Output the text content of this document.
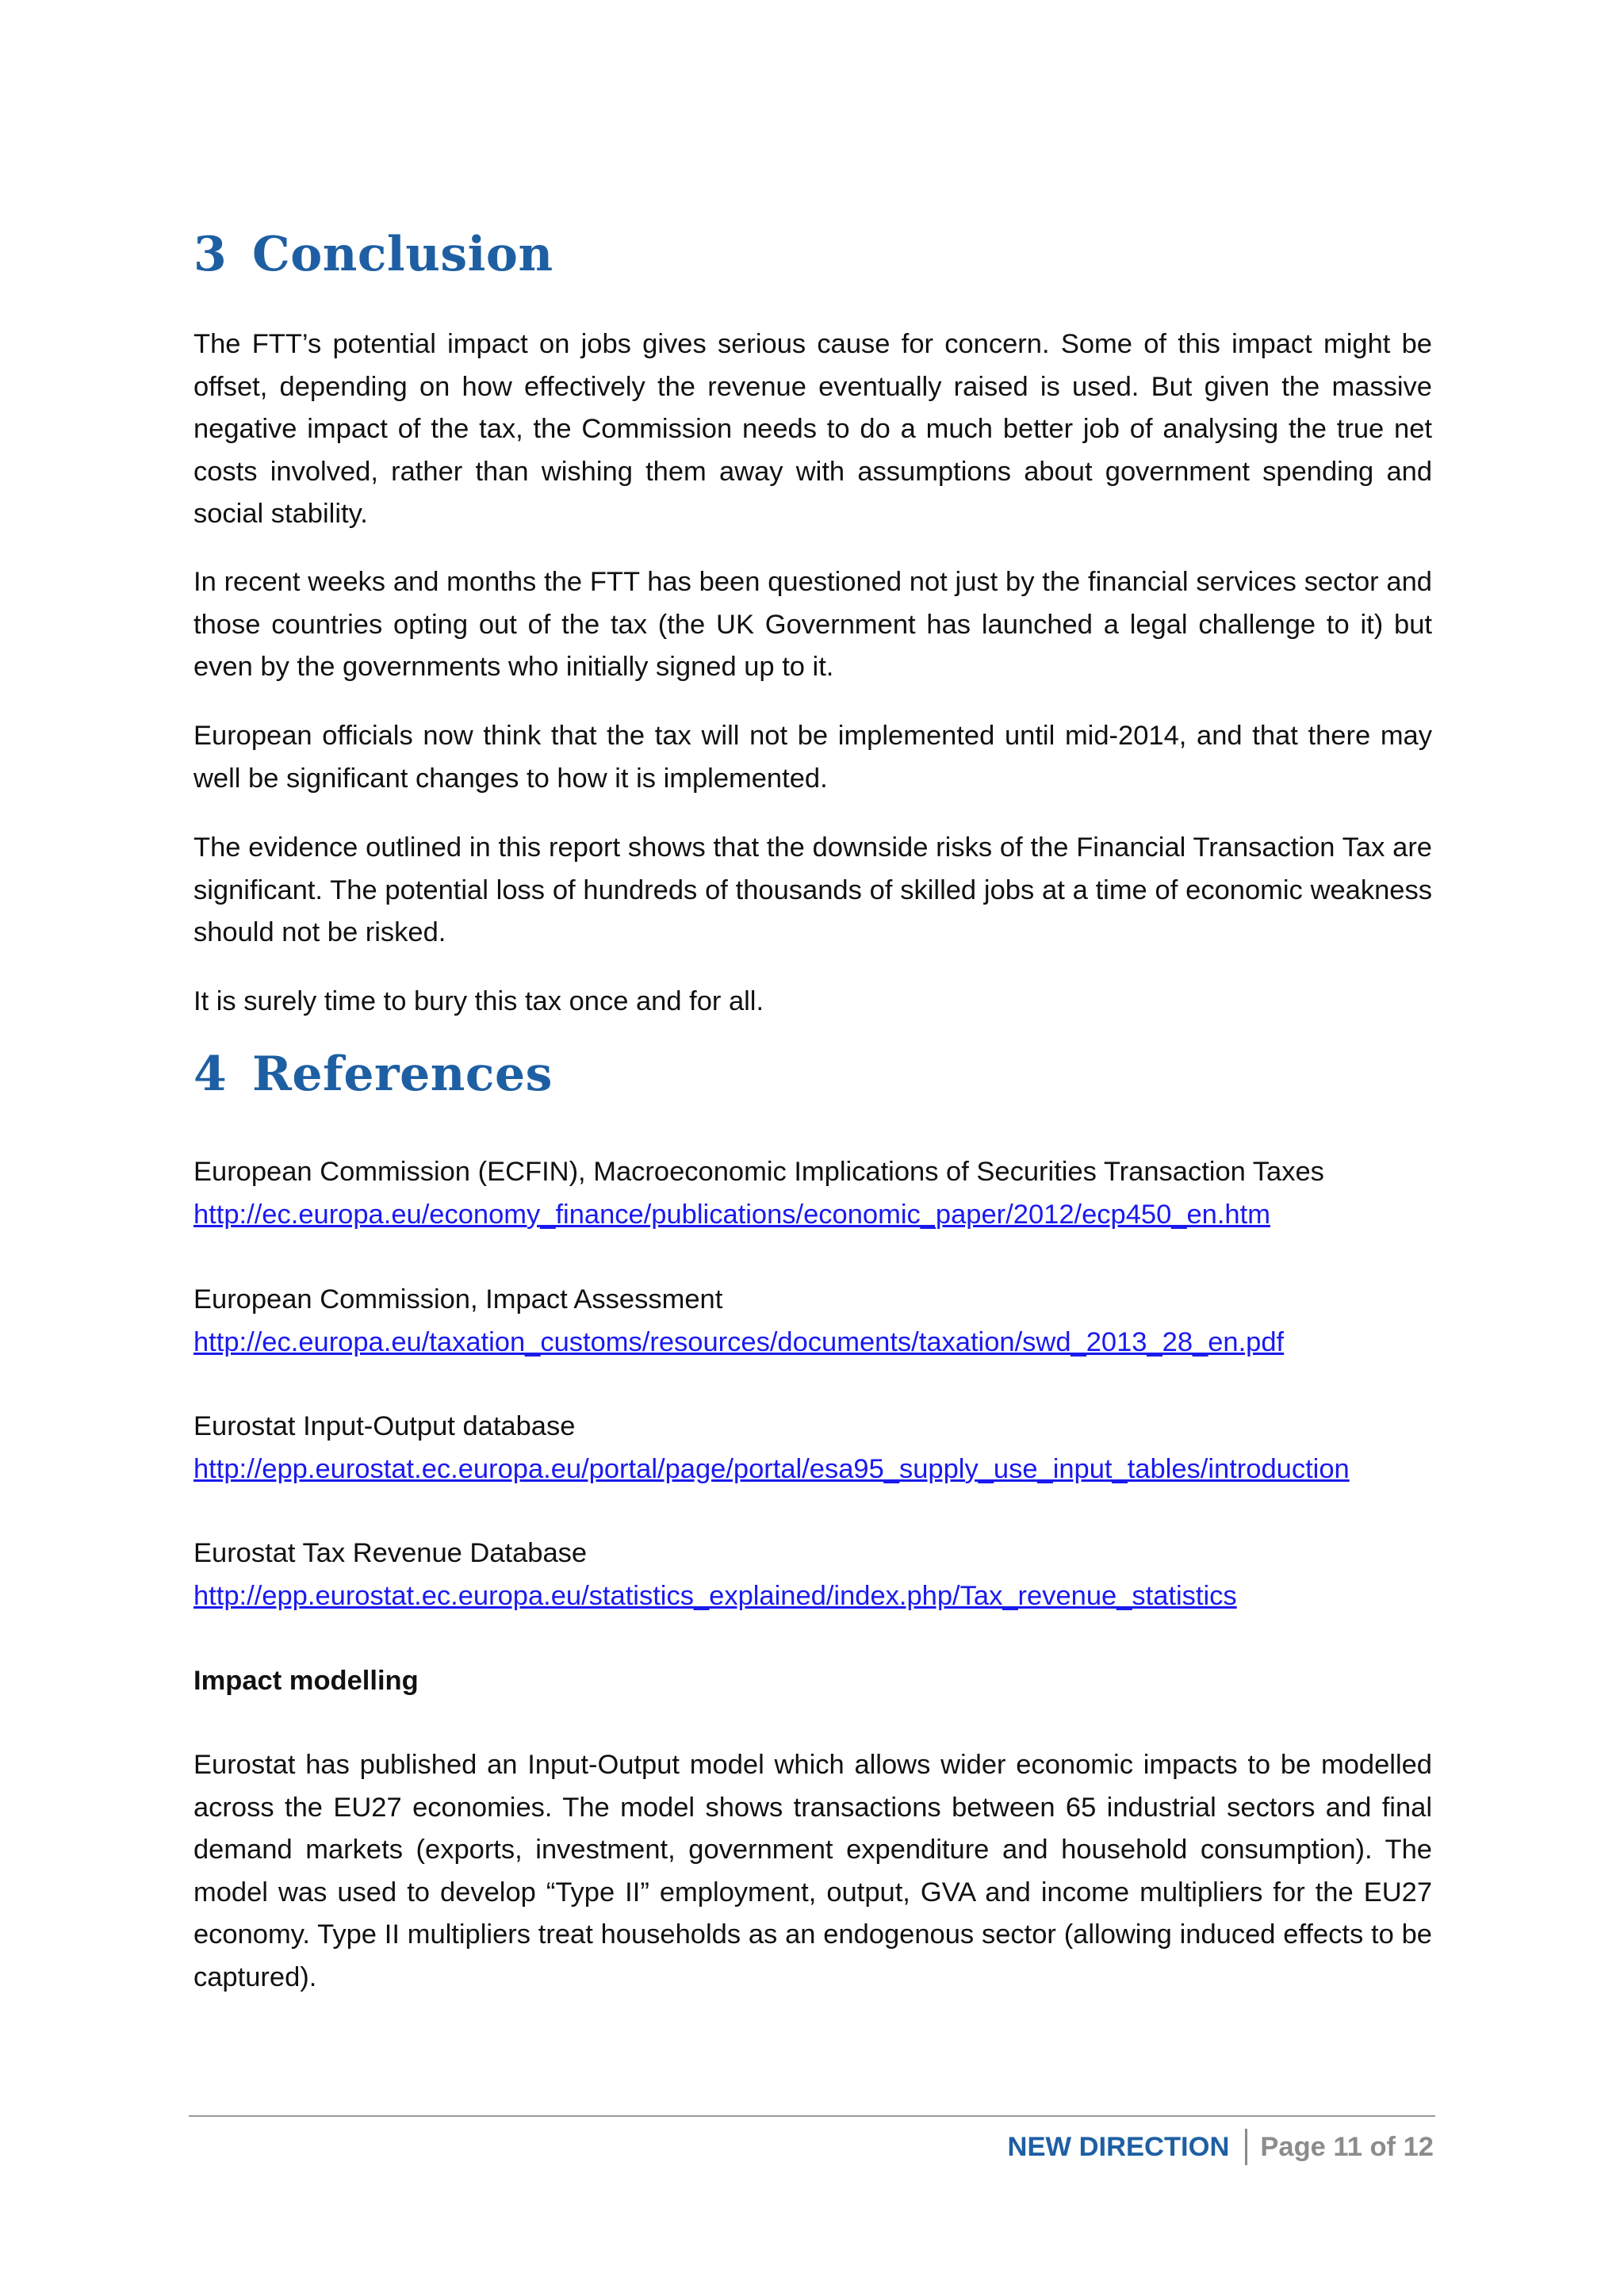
3 Conclusion

The FTT’s potential impact on jobs gives serious cause for concern. Some of this impact might be offset, depending on how effectively the revenue eventually raised is used. But given the massive negative impact of the tax, the Commission needs to do a much better job of analysing the true net costs involved, rather than wishing them away with assumptions about government spending and social stability.

In recent weeks and months the FTT has been questioned not just by the financial services sector and those countries opting out of the tax (the UK Government has launched a legal challenge to it) but even by the governments who initially signed up to it.

European officials now think that the tax will not be implemented until mid-2014, and that there may well be significant changes to how it is implemented.

The evidence outlined in this report shows that the downside risks of the Financial Transaction Tax are significant. The potential loss of hundreds of thousands of skilled jobs at a time of economic weakness should not be risked.

It is surely time to bury this tax once and for all.

4 References

European Commission (ECFIN), Macroeconomic Implications of Securities Transaction Taxes

http://ec.europa.eu/economy_finance/publications/economic_paper/2012/ecp450_en.htm

European Commission, Impact Assessment

http://ec.europa.eu/taxation_customs/resources/documents/taxation/swd_2013_28_en.pdf

Eurostat Input-Output database

http://epp.eurostat.ec.europa.eu/portal/page/portal/esa95_supply_use_input_tables/introduction

Eurostat Tax Revenue Database

http://epp.eurostat.ec.europa.eu/statistics_explained/index.php/Tax_revenue_statistics

Impact modelling

Eurostat has published an Input-Output model which allows wider economic impacts to be modelled across the EU27 economies. The model shows transactions between 65 industrial sectors and final demand markets (exports, investment, government expenditure and household consumption). The model was used to develop “Type II” employment, output, GVA and income multipliers for the EU27 economy. Type II multipliers treat households as an endogenous sector (allowing induced effects to be captured).

NEW DIRECTION Page 11 of 12
